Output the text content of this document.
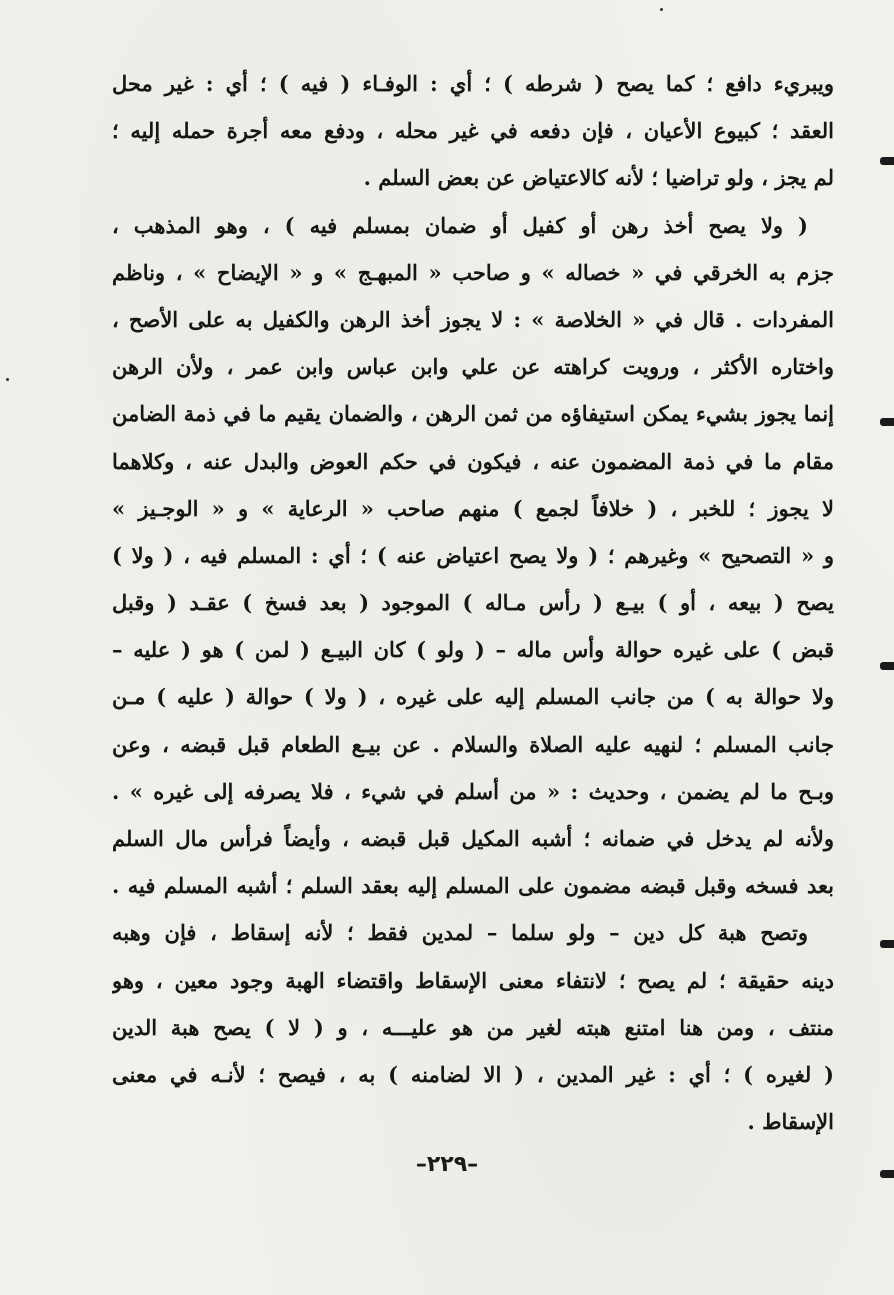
ويبريء دافع ؛ كما يصح ( شرطه ) ؛ أي : الوفـاء ( فيه ) ؛ أي : غير محل
العقد ؛ كبيوع الأعيان ، فإن دفعه في غير محله ، ودفع معه أجرة حمله إليه ؛
لم يجز ، ولو تراضيا ؛ لأنه كالاعتياض عن بعض السلم .
( ولا يصح أخذ رهن أو كفيل أو ضمان بمسلم فيه ) ، وهو المذهب ،
جزم به الخرقي في « خصاله » و صاحب « المبهـج » و « الإيضاح » ، وناظم
المفردات . قال في « الخلاصة » : لا يجوز أخذ الرهن والكفيل به على الأصح ،
واختاره الأكثر ، ورويت كراهته عن علي وابن عباس وابن عمر ، ولأن الرهن
إنما يجوز بشيء يمكن استيفاؤه من ثمن الرهن ، والضمان يقيم ما في ذمة الضامن
مقام ما في ذمة المضمون عنه ، فيكون في حكم العوض والبدل عنه ، وكلاهما
لا يجوز ؛ للخبر ، ( خلافاً لجمع ) منهم صاحب « الرعاية » و « الوجـيز »
و « التصحيح » وغيرهم ؛ ( ولا يصح اعتياض عنه ) ؛ أي : المسلم فيه ، ( ولا )
يصح ( بيعه ، أو ) بيـع ( رأس مـاله ) الموجود ( بعد فسخ ) عقـد ( وقبل
قبض ) على غيره حوالة وأس ماله – ( ولو ) كان البيـع ( لمن ) هو ( عليه –
ولا حوالة به ) من جانب المسلم إليه على غيره ، ( ولا ) حوالة ( عليه ) مـن
جانب المسلم ؛ لنهيه عليه الصلاة والسلام . عن بيـع الطعام قبل قبضه ، وعن
وبـح ما لم يضمن ، وحديث : « من أسلم في شيء ، فلا يصرفه إلى غيره » .
ولأنه لم يدخل في ضمانه ؛ أشبه المكيل قبل قبضه ، وأيضاً فرأس مال السلم
بعد فسخه وقبل قبضه مضمون على المسلم إليه بعقد السلم ؛ أشبه المسلم فيه .
وتصح هبة كل دين – ولو سلما – لمدين فقط ؛ لأنه إسقاط ، فإن وهبه
دينه حقيقة ؛ لم يصح ؛ لانتفاء معنى الإسقاط واقتضاء الهبة وجود معين ، وهو
منتف ، ومن هنا امتنع هبته لغير من هو عليـــه ، و ( لا ) يصح هبة الدين
( لغيره ) ؛ أي : غير المدين ، ( الا لضامنه ) به ، فيصح ؛ لأنـه في معنى
الإسقاط .
–٢٢٩–
